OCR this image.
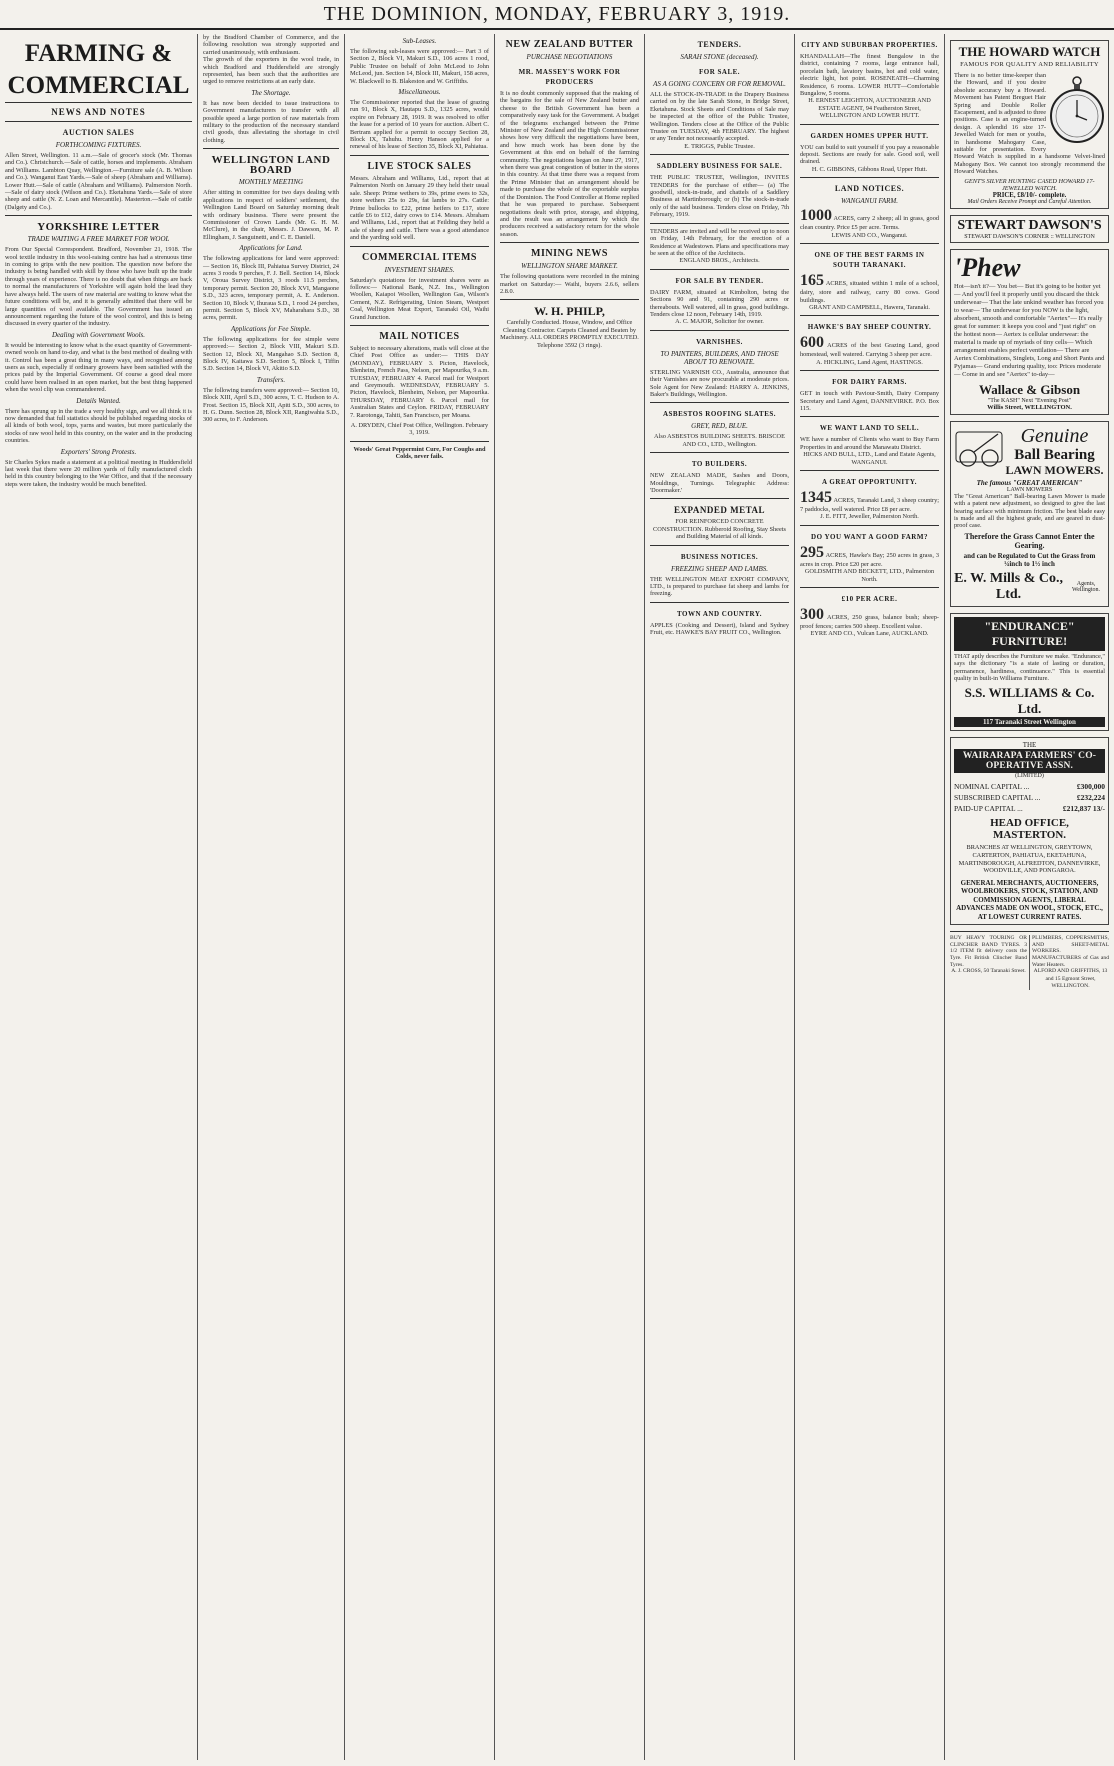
THE DOMINION, MONDAY, FEBRUARY 3, 1919.
FARMING & COMMERCIAL
NEWS AND NOTES
AUCTION SALES
FORTHCOMING FIXTURES.
Allen Street, Wellington. 11 a.m.—Sale of grocer's stock (Mr. Thomas and Co.). Christchurch.—Sale of cattle, horses and implements. Abraham and Williams. Lambton Quay, Wellington.—Furniture sale (A. B. Wilson and Co.). Wanganui East Yards.—Sale of sheep (Abraham and Williams). Lower Hutt.—Sale of cattle (Abraham and Williams). Palmerston North.—Sale of dairy stock (Wilson and Co.). Eketahuna Yards.—Sale of store sheep and cattle (N. Z. Loan and Mercantile). Masterton.—Sale of cattle (Dalgety and Co.).
YORKSHIRE LETTER
TRADE WAITING A FREE MARKET FOR WOOL
From Our Special Correspondent. Bradford, November 21, 1918. The wool textile industry in this wool-raising centre has had a strenuous time in coming to grips with the new position. The question now before the industry is being handled with skill by those who have built up the trade through years of experience. There is no doubt that when things are back to normal the manufacturers of Yorkshire will again hold the lead they have always held. The users of raw material are waiting to know what the future conditions will be, and it is generally admitted that there will be large quantities of wool available. The Government has issued an announcement regarding the future of the wool control, and this is being discussed in every quarter of the industry.
Dealing with Government Wools.
It would be interesting to know what is the exact quantity of Government-owned wools on hand to-day, and what is the best method of dealing with it. Control has been a great thing in many ways, and recognised among users as such, especially if ordinary growers have been satisfied with the prices paid by the Imperial Government. Of course a good deal more could have been realised in an open market, but the best thing happened when the wool clip was commandeered.
Details Wanted.
There has sprung up in the trade a very healthy sign, and we all think it is now demanded that full statistics should be published regarding stocks of all kinds of both wool, tops, yarns and wastes, but more particularly the stocks of raw wool held in this country, on the water and in the producing countries.
Exporters' Strong Protests.
Sir Charles Sykes made a statement at a political meeting in Huddersfield last week that there were 20 million yards of fully manufactured cloth held in this country belonging to the War Office, and that if the necessary steps were taken, the industry would be much benefited.
by the Bradford Chamber of Commerce, and the following resolution was strongly supported and carried unanimously, with enthusiasm.
The growth of the exporters in the wool trade, in which Bradford and Huddersfield are strongly represented, has been such that the authorities are urged to remove restrictions at an early date.
The Shortage.
It has now been decided to issue instructions to Government manufacturers to transfer with all possible speed a large portion of raw materials from military to the production of the necessary standard civil goods, thus alleviating the shortage in civil clothing.
WELLINGTON LAND BOARD
MONTHLY MEETING
After sitting in committee for two days dealing with applications in respect of soldiers' settlement, the Wellington Land Board on Saturday morning dealt with ordinary business. There were present the Commissioner of Crown Lands (Mr. G. H. M. McClure), in the chair, Messrs. J. Dawson, M. P. Ellingham, J. Sanguinetti, and C. E. Daniell.
Applications for Land.
The following applications for land were approved:— Section 16, Block III, Pahiatua Survey District, 24 acres 3 roods 9 perches, F. J. Bell. Section 14, Block V, Oroua Survey District, 3 roods 11.5 perches, temporary permit. Section 20, Block XVI, Mangaone S.D., 323 acres, temporary permit, A. E. Anderson. Section 10, Block V, Ihuraua S.D., 1 rood 24 perches, permit. Section 5, Block XV, Maharahara S.D., 38 acres, permit.
Applications for Fee Simple.
The following applications for fee simple were approved:— Section 2, Block VIII, Makuri S.D. Section 12, Block XI, Mangahao S.D. Section 8, Block IV, Kaitawa S.D. Section 5, Block I, Tiffin S.D. Section 14, Block VI, Akitio S.D.
Transfers.
The following transfers were approved:— Section 10, Block XIII, April S.D., 300 acres, T. C. Hudson to A. Frost. Section 15, Block XII, Apiti S.D., 300 acres, to H. G. Dunn. Section 28, Block XII, Rangiwahia S.D., 300 acres, to F. Anderson.
Sub-Leases.
The following sub-leases were approved:— Part 3 of Section 2, Block VI, Makuri S.D., 106 acres 1 rood, Public Trustee on behalf of John McLeod to John McLeod, jun. Section 14, Block III, Makuri, 158 acres, W. Blackwell to B. Blakeston and W. Griffiths.
Miscellaneous.
The Commissioner reported that the lease of grazing run 91, Block X, Hautapu S.D., 1325 acres, would expire on February 28, 1919. It was resolved to offer the lease for a period of 10 years for auction. Albert C. Bertram applied for a permit to occupy Section 28, Block IX, Tahuhu. Henry Hanson applied for a renewal of his lease of Section 35, Block XI, Pahiatua.
LIVE STOCK SALES
Messrs. Abraham and Williams, Ltd., report that at Palmerston North on January 29 they held their usual sale. Sheep: Prime wethers to 39s, prime ewes to 32s, store wethers 25s to 29s, fat lambs to 27s. Cattle: Prime bullocks to £22, prime heifers to £17, store cattle £6 to £12, dairy cows to £14. Messrs. Abraham and Williams, Ltd., report that at Feilding they held a sale of sheep and cattle. There was a good attendance and the yarding sold well.
COMMERCIAL ITEMS
INVESTMENT SHARES.
Saturday's quotations for investment shares were as follows:— National Bank, N.Z. Ins., Wellington Woollen, Kaiapoi Woollen, Wellington Gas, Wilson's Cement, N.Z. Refrigerating, Union Steam, Westport Coal, Wellington Meat Export, Taranaki Oil, Waihi Grand Junction.
MAIL NOTICES
Subject to necessary alterations, mails will close at the Chief Post Office as under:— THIS DAY (MONDAY), FEBRUARY 3. Picton, Havelock, Blenheim, French Pass, Nelson, per Mapourika, 9 a.m. TUESDAY, FEBRUARY 4. Parcel mail for Westport and Greymouth. WEDNESDAY, FEBRUARY 5. Picton, Havelock, Blenheim, Nelson, per Mapourika. THURSDAY, FEBRUARY 6. Parcel mail for Australian States and Ceylon. FRIDAY, FEBRUARY 7. Rarotonga, Tahiti, San Francisco, per Moana.
A. DRYDEN, Chief Post Office, Wellington. February 3, 1919.
Woods' Great Peppermint Cure, For Coughs and Colds, never fails.
NEW ZEALAND BUTTER
PURCHASE NEGOTIATIONS
MR. MASSEY'S WORK FOR PRODUCERS
It is no doubt commonly supposed that the making of the bargains for the sale of New Zealand butter and cheese to the British Government has been a comparatively easy task for the Government. A budget of the telegrams exchanged between the Prime Minister of New Zealand and the High Commissioner shows how very difficult the negotiations have been, and how much work has been done by the Government at this end on behalf of the farming community. The negotiations began on June 27, 1917, when there was great congestion of butter in the stores in this country. At that time there was a request from the Prime Minister that an arrangement should be made to purchase the whole of the exportable surplus of the Dominion. The Food Controller at Home replied that he was prepared to purchase. Subsequent negotiations dealt with price, storage, and shipping, and the result was an arrangement by which the producers received a satisfactory return for the whole season.
MINING NEWS
WELLINGTON SHARE MARKET.
The following quotations were recorded in the mining market on Saturday:— Waihi, buyers 2.6.6, sellers 2.8.0.
W. H. PHILP,
Carefully Conducted. House, Window, and Office Cleaning Contractor. Carpets Cleaned and Beaten by Machinery. ALL ORDERS PROMPTLY EXECUTED. Telephone 3592 (3 rings).
TENDERS.
SARAH STONE (deceased).
FOR SALE.
AS A GOING CONCERN OR FOR REMOVAL.
ALL the STOCK-IN-TRADE in the Drapery Business carried on by the late Sarah Stone, in Bridge Street, Eketahuna. Stock Sheets and Conditions of Sale may be inspected at the office of the Public Trustee, Wellington. Tenders close at the Office of the Public Trustee on TUESDAY, 4th FEBRUARY. The highest or any Tender not necessarily accepted.
E. TRIGGS, Public Trustee.
SADDLERY BUSINESS FOR SALE.
THE PUBLIC TRUSTEE, Wellington, INVITES TENDERS for the purchase of either— (a) The goodwill, stock-in-trade, and chattels of a Saddlery Business at Martinborough; or (b) The stock-in-trade only of the said business. Tenders close on Friday, 7th February, 1919.
TENDERS are invited and will be received up to noon on Friday, 14th February, for the erection of a Residence at Wadestown. Plans and specifications may be seen at the office of the Architects.
ENGLAND BROS., Architects.
FOR SALE BY TENDER.
DAIRY FARM, situated at Kimbolton, being the Sections 90 and 91, containing 290 acres or thereabouts. Well watered, all in grass, good buildings. Tenders close 12 noon, February 14th, 1919.
A. C. MAJOR, Solicitor for owner.
VARNISHES.
TO PAINTERS, BUILDERS, AND THOSE ABOUT TO RENOVATE.
STERLING VARNISH CO., Australia, announce that their Varnishes are now procurable at moderate prices. Sole Agent for New Zealand: HARRY A. JENKINS, Baker's Buildings, Wellington.
ASBESTOS ROOFING SLATES.
GREY, RED, BLUE.
Also ASBESTOS BUILDING SHEETS. BRISCOE AND CO., LTD., Wellington.
TO BUILDERS.
NEW ZEALAND MADE, Sashes and Doors, Mouldings, Turnings. Telegraphic Address: 'Doormaker.'
EXPANDED METAL
FOR REINFORCED CONCRETE CONSTRUCTION. Rubberoid Roofing, Stay Sheets and Building Material of all kinds.
BUSINESS NOTICES.
FREEZING SHEEP AND LAMBS.
THE WELLINGTON MEAT EXPORT COMPANY, LTD., is prepared to purchase fat sheep and lambs for freezing.
TOWN AND COUNTRY.
APPLES (Cooking and Dessert), Island and Sydney Fruit, etc. HAWKE'S BAY FRUIT CO., Wellington.
CITY AND SUBURBAN PROPERTIES.
KHANDALLAH—The finest Bungalow in the district, containing 7 rooms, large entrance hall, porcelain bath, lavatory basins, hot and cold water, electric light, hot point. ROSENEATH—Charming Residence, 6 rooms. LOWER HUTT—Comfortable Bungalow, 5 rooms.
H. ERNEST LEIGHTON, AUCTIONEER AND ESTATE AGENT, 94 Featherston Street, WELLINGTON AND LOWER HUTT.
GARDEN HOMES UPPER HUTT.
YOU can build to suit yourself if you pay a reasonable deposit. Sections are ready for sale. Good soil, well drained.
H. C. GIBBONS, Gibbons Road, Upper Hutt.
LAND NOTICES.
WANGANUI FARM.
1000 ACRES, carry 2 sheep; all in grass, good clean country. Price £5 per acre. Terms.
LEWIS AND CO., Wanganui.
ONE OF THE BEST FARMS IN SOUTH TARANAKI.
165 ACRES, situated within 1 mile of a school, dairy, store and railway, carry 80 cows. Good buildings.
GRANT AND CAMPBELL, Hawera, Taranaki.
HAWKE'S BAY SHEEP COUNTRY.
600 ACRES of the best Grazing Land, good homestead, well watered. Carrying 3 sheep per acre.
A. HICKLING, Land Agent, HASTINGS.
FOR DAIRY FARMS.
GET in touch with Paviour-Smith, Dairy Company Secretary and Land Agent, DANNEVIRKE. P.O. Box 115.
WE WANT LAND TO SELL.
WE have a number of Clients who want to Buy Farm Properties in and around the Manawatu District.
HICKS AND BULL, LTD., Land and Estate Agents, WANGANUI.
A GREAT OPPORTUNITY.
1345 ACRES, Taranaki Land, 3 sheep country; 7 paddocks, well watered. Price £8 per acre.
J. E. FITT, Jeweller, Palmerston North.
DO YOU WANT A GOOD FARM?
295 ACRES, Hawke's Bay; 250 acres in grass, 3 acres in crop. Price £20 per acre.
GOLDSMITH AND BECKETT, LTD., Palmerston North.
£10 PER ACRE.
300 ACRES, 250 grass, balance bush; sheep-proof fences; carries 500 sheep. Excellent value.
EYRE AND CO., Vulcan Lane, AUCKLAND.
THE HOWARD WATCH
FAMOUS FOR QUALITY AND RELIABILITY
There is no better time-keeper than the Howard, and if you desire absolute accuracy buy a Howard. Movement has Patent Breguet Hair Spring and Double Roller Escapement, and is adjusted to three positions. Case is an engine-turned design. A splendid 16 size 17-Jewelled Watch for men or youths, in handsome Mahogany Case, suitable for presentation. Every Howard Watch is supplied in a handsome Velvet-lined Mahogany Box. We cannot too strongly recommend the Howard Watches.
GENT'S SILVER HUNTING CASED HOWARD 17-JEWELLED WATCH.
PRICE, £8/10/- complete.
Mail Orders Receive Prompt and Careful Attention.
STEWART DAWSON'S
STEWART DAWSON'S CORNER :: WELLINGTON
'Phew
Hot—isn't it?— You bet— But it's going to be hotter yet— And you'll feel it properly until you discard the thick underwear— That the late unkind weather has forced you to wear— The underwear for you NOW is the light, absorbent, smooth and comfortable "Aertex"— It's really great for summer: it keeps you cool and "just right" on the hottest noon— Aertex is cellular underwear: the material is made up of myriads of tiny cells— Which arrangement enables perfect ventilation— There are Aertex Combinations, Singlets, Long and Short Pants and Pyjamas— Grand enduring quality, too: Prices moderate— Come in and see "Aertex" to-day—
Wallace & Gibson
"The KASH" Next "Evening Post"
Willis Street, WELLINGTON.
Genuine
Ball Bearing
LAWN MOWERS.
The famous "GREAT AMERICAN"
LAWN MOWERS
The "Great American" Ball-bearing Lawn Mower is made with a patent new adjustment, so designed to give the last bearing surface with minimum friction. The best blade easy is made and all the highest grade, and are geared in dust-proof case.
Therefore the Grass Cannot Enter the Gearing.
and can be Regulated to Cut the Grass from ¼inch to 1½ inch
E. W. Mills & Co., Ltd.
Agents, Wellington.
"ENDURANCE" FURNITURE!
THAT aptly describes the Furniture we make. "Endurance," says the dictionary "is a state of lasting or duration, permanence, hardiness, continuance." This is essential quality in built-in Williams Furniture.
S.S. WILLIAMS & Co. Ltd.
117 Taranaki Street Wellington
THE
WAIRARAPA FARMERS' CO-OPERATIVE ASSN.
(LIMITED)
NOMINAL CAPITAL ...	£300,000
SUBSCRIBED CAPITAL ...	£232,224
PAID-UP CAPITAL ...	£212,837 13/-
HEAD OFFICE, MASTERTON.
BRANCHES AT WELLINGTON, GREYTOWN, CARTERTON, PAHIATUA, EKETAHUNA, MARTINBOROUGH, ALFREDTON, DANNEVIRKE, WOODVILLE, AND PONGAROA.
GENERAL MERCHANTS, AUCTIONEERS, WOOLBROKERS, STOCK, STATION, AND COMMISSION AGENTS, LIBERAL ADVANCES MADE ON WOOL, STOCK, ETC., AT LOWEST CURRENT RATES.
BUY HEAVY TOURING OR CLINCHER BAND TYRES. 3 1/2 ITEM fit delivery costs the Tyre. Fit British Clincher Band Tyres.
A. J. CROSS, 50 Taranaki Street.
PLUMBERS, COPPERSMITHS, AND SHEET-METAL WORKERS. MANUFACTURERS of Gas and Water Heaters.
ALFORD AND GRIFFITHS, 13 and 15 Egmont Street, WELLINGTON.
